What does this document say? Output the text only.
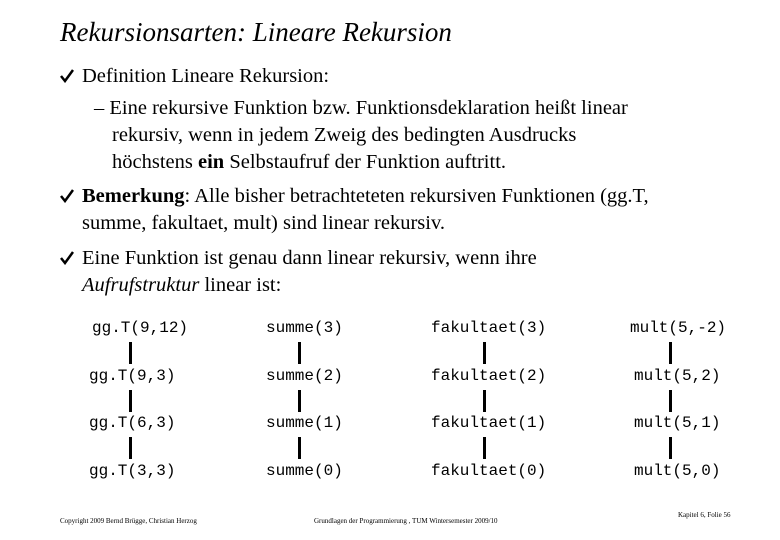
Rekursionsarten: Lineare Rekursion
Definition Lineare Rekursion:
– Eine rekursive Funktion bzw. Funktionsdeklaration heißt linear
rekursiv, wenn in jedem Zweig des bedingten Ausdrucks
höchstens ein Selbstaufruf der Funktion auftritt.
Bemerkung: Alle bisher betrachteteten rekursiven Funktionen (gg.T,
summe, fakultaet, mult) sind linear rekursiv.
Eine Funktion ist genau dann linear rekursiv, wenn ihre
Aufrufstruktur linear ist:
gg.T(9,12)
gg.T(9,3)
gg.T(6,3)
gg.T(3,3)
summe(3)
summe(2)
summe(1)
summe(0)
fakultaet(3)
fakultaet(2)
fakultaet(1)
fakultaet(0)
mult(5,-2)
mult(5,2)
mult(5,1)
mult(5,0)
Copyright 2009 Bernd Brügge, Christian Herzog	Grundlagen der Programmierung , TUM Wintersemester 2009/10
Kapitel 6, Folie 56
